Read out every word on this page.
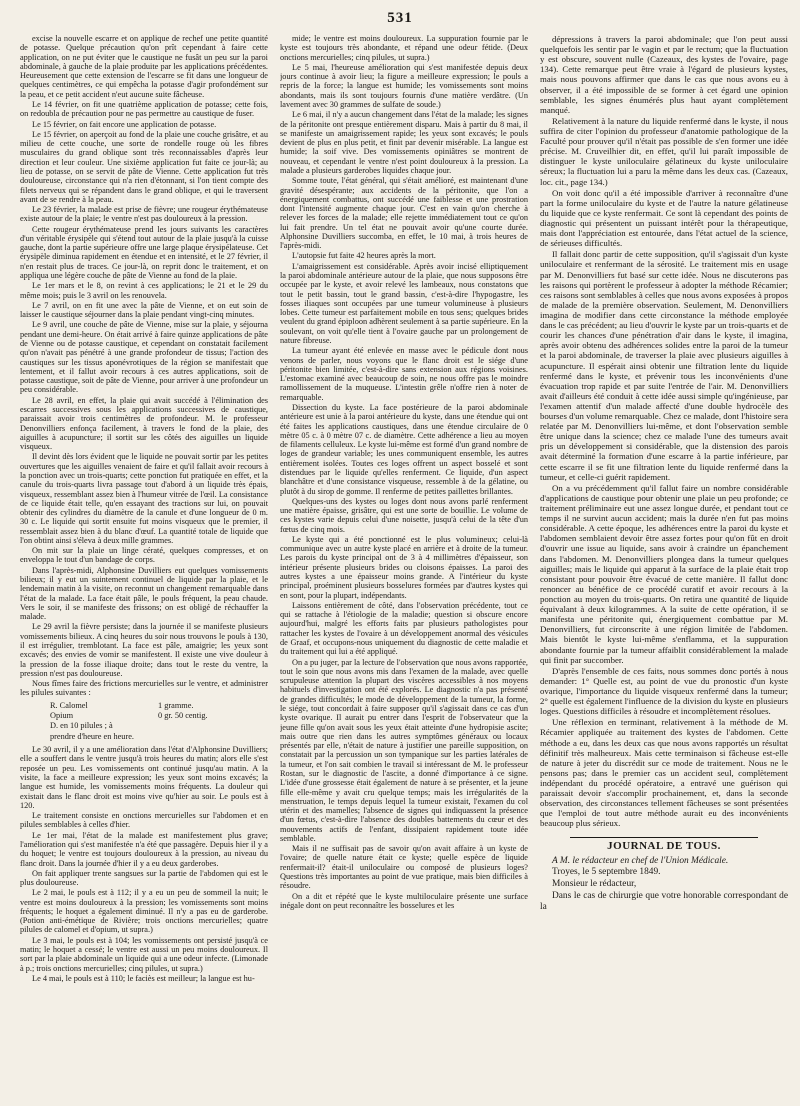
531

excise la nouvelle escarre et on applique de rechef une petite quantité de potasse. Quelque précaution qu'on prît cependant à faire cette application, on ne put éviter que le caustique ne fusât un peu sur la paroi abdominale, à gauche de la plaie produite par les applications précédentes. Heureusement que cette extension de l'escarre se fit dans une longueur de quelques centimètres, ce qui empêcha la potasse d'agir profondément sur la peau, et ce petit accident n'eut aucune suite fâcheuse.

Le 14 février, on fit une quatrième application de potasse; cette fois, on redoubla de précaution pour ne pas permettre au caustique de fuser.

Le 15 février, on fait encore une application de potasse.

Le 15 février, on aperçoit au fond de la plaie une couche grisâtre, et au milieu de cette couche, une sorte de rondelle rouge où les fibres musculaires du grand oblique sont très reconnaissables d'après leur direction et leur couleur. Une sixième application fut faite ce jour-là; au lieu de potasse, on se servit de pâte de Vienne. Cette application fut très douloureuse, circonstance qui n'a rien d'étonnant, si l'on tient compte des filets nerveux qui se répandent dans le grand oblique, et qui le traversent avant de se rendre à la peau.

Le 23 février, la malade est prise de fièvre; une rougeur érythémateuse existe autour de la plaie; le ventre n'est pas douloureux à la pression.

Cette rougeur érythémateuse prend les jours suivants les caractères d'un véritable érysipèle qui s'étend tout autour de la plaie jusqu'à la cuisse gauche, dont la partie supérieure offre une large plaque érysipélateuse. Cet érysipèle diminua rapidement en étendue et en intensité, et le 27 février, il n'en restait plus de traces. Ce jour-là, on reprit donc le traitement, et on appliqua une légère couche de pâte de Vienne au fond de la plaie.

Le 1er mars et le 8, on revint à ces applications; le 21 et le 29 du même mois; puis le 3 avril on les renouvela.

Le 7 avril, on en fit une avec la pâte de Vienne, et on eut soin de laisser le caustique séjourner dans la plaie pendant vingt-cinq minutes.

Le 9 avril, une couche de pâte de Vienne, mise sur la plaie, y séjourna pendant une demi-heure. On était arrivé à faire quinze applications de pâte de Vienne ou de potasse caustique, et cependant on constatait facilement qu'on n'avait pas pénétré à une grande profondeur de tissus; l'action des caustiques sur les tissus aponévrotiques de la région se manifestait que lentement, et il fallut avoir recours à ces autres applications, soit de potasse caustique, soit de pâte de Vienne, pour arriver à une profondeur un peu considérable.

Le 28 avril, en effet, la plaie qui avait succédé à l'élimination des escarres successives sous les applications successives de caustique, paraissait avoir trois centimètres de profondeur. M. le professeur Denonvilliers enfonça facilement, à travers le fond de la plaie, des aiguilles à acupuncture; il sortit sur les côtés des aiguilles un liquide visqueux.

Il devint dès lors évident que le liquide ne pouvait sortir par les petites ouvertures que les aiguilles venaient de faire et qu'il fallait avoir recours à la ponction avec un trois-quarts; cette ponction fut pratiquée en effet, et la canule du trois-quarts livra passage tout d'abord à un liquide très épais, visqueux, ressemblant assez bien à l'humeur vitrée de l'œil. La consistance de ce liquide était telle, qu'en essayant des tractions sur lui, on pouvait obtenir des cylindres du diamètre de la canule et d'une longueur de 0 m. 30 c. Le liquide qui sortit ensuite fut moins visqueux que le premier, il ressemblait assez bien à du blanc d'œuf. La quantité totale de liquide que l'on obtint ainsi s'éleva à deux mille grammes.

On mit sur la plaie un linge cératé, quelques compresses, et on enveloppa le tout d'un bandage de corps.

Dans l'après-midi, Alphonsine Duvilliers eut quelques vomissements bilieux; il y eut un suintement continuel de liquide par la plaie, et le lendemain matin à la visite, on reconnut un changement remarquable dans l'état de la malade. La face était pâle, le pouls fréquent, la peau chaude. Vers le soir, il se manifeste des frissons; on est obligé de réchauffer la malade.

Le 29 avril la fièvre persiste; dans la journée il se manifeste plusieurs vomissements bilieux. A cinq heures du soir nous trouvons le pouls à 130, il est irrégulier, tremblotant. La face est pâle, amaigrie; les yeux sont excavés; des envies de vomir se manifestent. Il existe une vive douleur à la pression de la fosse iliaque droite; dans tout le reste du ventre, la pression n'est pas douloureuse.

Nous fîmes faire des frictions mercurielles sur le ventre, et administrer les pilules suivantes :

R. Calomel	1 gramme.
Opium	0 gr. 50 centig.
D. en 10 pilules ; à prendre d'heure en heure.

Le 30 avril, il y a une amélioration dans l'état d'Alphonsine Duvilliers; elle a souffert dans le ventre jusqu'à trois heures du matin; alors elle s'est reposée un peu. Les vomissements ont continué jusqu'au matin. A la visite, la face a meilleure expression; les yeux sont moins excavés; la langue est humide, les vomissements moins fréquents. La douleur qui existait dans le flanc droit est moins vive qu'hier au soir. Le pouls est à 120.

Le traitement consiste en onctions mercurielles sur l'abdomen et en pilules semblables à celles d'hier.

Le 1er mai, l'état de la malade est manifestement plus grave; l'amélioration qui s'est manifestée n'a été que passagère. Depuis hier il y a du hoquet; le ventre est toujours douloureux à la pression, au niveau du flanc droit. Dans la journée d'hier il y a eu deux garderobes.

On fait appliquer trente sangsues sur la partie de l'abdomen qui est le plus douloureuse.

Le 2 mai, le pouls est à 112; il y a eu un peu de sommeil la nuit; le ventre est moins douloureux à la pression; les vomissements sont moins fréquents; le hoquet a également diminué. Il n'y a pas eu de garderobe. (Potion anti-émétique de Rivière; trois onctions mercurielles; quatre pilules de calomel et d'opium, ut supra.)

Le 3 mai, le pouls est à 104; les vomissements ont persisté jusqu'à ce matin; le hoquet a cessé; le ventre est aussi un peu moins douloureux. Il sort par la plaie abdominale un liquide qui a une odeur infecte. (Limonade à p.; trois onctions mercurielles; cinq pilules, ut supra.)

Le 4 mai, le pouls est à 110; le faciès est meilleur; la langue est hu-

mide; le ventre est moins douloureux. La suppuration fournie par le kyste est toujours très abondante, et répand une odeur fétide. (Deux onctions mercurielles; cinq pilules, ut supra.)

Le 5 mai, l'heureuse amélioration qui s'est manifestée depuis deux jours continue à avoir lieu; la figure a meilleure expression; le pouls a repris de la force; la langue est humide; les vomissements sont moins abondants, mais ils sont toujours fournis d'une matière verdâtre. (Un lavement avec 30 grammes de sulfate de soude.)

Le 6 mai, il n'y a aucun changement dans l'état de la malade; les signes de la péritonite ont presque entièrement disparu. Mais à partir du 8 mai, il se manifeste un amaigrissement rapide; les yeux sont excavés; le pouls devient de plus en plus petit, et finit par devenir misérable. La langue est humide; la soif vive. Des vomissements opiniâtres se montrent de nouveau, et cependant le ventre n'est point douloureux à la pression. La malade a plusieurs garderobes liquides chaque jour.

Somme toute, l'état général, qui s'était amélioré, est maintenant d'une gravité désespérante; aux accidents de la péritonite, que l'on a énergiquement combattus, ont succédé une faiblesse et une prostration dont l'intensité augmente chaque jour. C'est en vain qu'on cherche à relever les forces de la malade; elle rejette immédiatement tout ce qu'on lui fait prendre. Un tel état ne pouvait avoir qu'une courte durée. Alphonsine Duvilliers succomba, en effet, le 10 mai, à trois heures de l'après-midi.

L'autopsie fut faite 42 heures après la mort.

L'amaigrissement est considérable. Après avoir incisé elliptiquement la paroi abdominale antérieure autour de la plaie, que nous supposons être occupée par le kyste, et avoir relevé les lambeaux, nous constatons que tout le petit bassin, tout le grand bassin, c'est-à-dire l'hypogastre, les fosses iliaques sont occupées par une tumeur volumineuse à plusieurs lobes. Cette tumeur est parfaitement mobile en tous sens; quelques brides veulent du grand épiploon adhèrent seulement à sa partie supérieure. En la soulevant, on voit qu'elle tient à l'ovaire gauche par un prolongement de nature fibreuse.

La tumeur ayant été enlevée en masse avec le pédicule dont nous venons de parler, nous voyons que le flanc droit est le siége d'une péritonite bien limitée, c'est-à-dire sans extension aux régions voisines. L'estomac examiné avec beaucoup de soin, ne nous offre pas le moindre ramollissement de la muqueuse. L'intestin grêle n'offre rien à noter de remarquable.

Dissection du kyste. La face postérieure de la paroi abdominale antérieure est unie à la paroi antérieure du kyste, dans une étendue qui ont été faites les applications caustiques, dans une étendue circulaire de 0 mètre 05 c. à 0 mètre 07 c. de diamètre. Cette adhérence a lieu au moyen de filaments celluleux. Le kyste lui-même est formé d'un grand nombre de loges de grandeur variable; les unes communiquent ensemble, les autres entièrement isolées. Toutes ces loges offrent un aspect bosselé et sont distendues par le liquide qu'elles renferment. Ce liquide, d'un aspect blanchâtre et d'une consistance visqueuse, ressemble à de la gélatine, ou plutôt à du sirop de gomme. Il renferme de petites paillettes brillantes.

Quelques-uns des kystes ou loges dont nous avons parlé renferment une matière épaisse, grisâtre, qui est une sorte de bouillie. Le volume de ces kystes varie depuis celui d'une noisette, jusqu'à celui de la tête d'un fœtus de cinq mois.

Le kyste qui a été ponctionné est le plus volumineux; celui-là communique avec un autre kyste placé en arrière et à droite de la tumeur. Les parois du kyste principal ont de 3 à 4 millimètres d'épaisseur, son intérieur présente plusieurs brides ou cloisons épaisses. La paroi des autres kystes a une épaisseur moins grande. A l'intérieur du kyste principal, proéminent plusieurs bosselures formées par d'autres kystes qui en sont, pour la plupart, indépendants.

Laissons entièrement de côté, dans l'observation précédente, tout ce qui se rattache à l'étiologie de la maladie; question si obscure encore aujourd'hui, malgré les efforts faits par plusieurs pathologistes pour rattacher les kystes de l'ovaire à un développement anormal des vésicules de Graaf, et occupons-nous uniquement du diagnostic de cette maladie et du traitement qui lui a été appliqué.

On a pu juger, par la lecture de l'observation que nous avons rapportée, tout le soin que nous avons mis dans l'examen de la malade, avec quelle scrupuleuse attention la plupart des viscères accessibles à nos moyens habituels d'investigation ont été explorés. Le diagnostic n'a pas présenté de grandes difficultés; le mode de développement de la tumeur, la forme, le siége, tout concordait à faire supposer qu'il s'agissait dans ce cas d'un kyste ovarique. Il aurait pu entrer dans l'esprit de l'observateur que la jeune fille qu'on avait sous les yeux était atteinte d'une hydropisie ascite; mais outre que rien dans les autres symptômes généraux ou locaux présentés par elle, n'était de nature à justifier une pareille supposition, on constatait par la percussion un son tympanique sur les parties latérales de la tumeur, et l'on sait combien le travail si intéressant de M. le professeur Rostan, sur le diagnostic de l'ascite, a donné d'importance à ce signe. L'idée d'une grossesse était également de nature à se présenter, et la jeune fille elle-même y avait cru quelque temps; mais les irrégularités de la menstruation, le temps depuis lequel la tumeur existait, l'examen du col utérin et des mamelles; l'absence de signes qui indiquassent la présence d'un fœtus, c'est-à-dire l'absence des doubles battements du cœur et des mouvements actifs de l'enfant, dissipaient rapidement toute idée semblable.

Mais il ne suffisait pas de savoir qu'on avait affaire à un kyste de l'ovaire; de quelle nature était ce kyste; quelle espèce de liquide renfermait-il? était-il uniloculaire ou composé de plusieurs loges? Questions très importantes au point de vue pratique, mais bien difficiles à résoudre.

On a dit et répété que le kyste multiloculaire présente une surface inégale dont on peut reconnaître les bosselures et les

dépressions à travers la paroi abdominale; que l'on peut aussi quelquefois les sentir par le vagin et par le rectum; que la fluctuation y est obscure, souvent nulle (Cazeaux, des kystes de l'ovaire, page 134). Cette remarque peut être vraie à l'égard de plusieurs kystes, mais nous pouvons affirmer que dans le cas que nous avons eu à observer, il a été impossible de se former à cet égard une opinion semblable, les signes énumérés plus haut ayant complètement manqué.

Relativement à la nature du liquide renfermé dans le kyste, il nous suffira de citer l'opinion du professeur d'anatomie pathologique de la Faculté pour prouver qu'il n'était pas possible de s'en former une idée précise. M. Cruveilhier dit, en effet, qu'il lui paraît impossible de distinguer le kyste uniloculaire gélatineux du kyste uniloculaire séreux; la fluctuation lui a paru la même dans les deux cas. (Cazeaux, loc. cit., page 134.)

On voit donc qu'il a été impossible d'arriver à reconnaître d'une part la forme uniloculaire du kyste et de l'autre la nature gélatineuse du liquide que ce kyste renfermait. Ce sont là cependant des points de diagnostic qui présentent un puissant intérêt pour la thérapeutique, mais dont l'appréciation est entourée, dans l'état actuel de la science, de sérieuses difficultés.

Il fallait donc partir de cette supposition, qu'il s'agissait d'un kyste uniloculaire et renfermant de la sérosité. Le traitement mis en usage par M. Denonvilliers fut basé sur cette idée. Nous ne discuterons pas les raisons qui portèrent le professeur à adopter la méthode Récamier; ces raisons sont semblables à celles que nous avons exposées à propos de malade de la première observation. Seulement, M. Denonvilliers imagina de modifier dans cette circonstance la méthode employée dans le cas précédent; au lieu d'ouvrir le kyste par un trois-quarts et de courir les chances d'une pénétration d'air dans le kyste, il imagina, après avoir obtenu des adhérences solides entre la paroi de la tumeur et la paroi abdominale, de traverser la plaie avec plusieurs aiguilles à acupuncture. Il espérait ainsi obtenir une filtration lente du liquide renfermé dans le kyste, et prévenir tous les inconvénients d'une évacuation trop rapide et par suite l'entrée de l'air. M. Denonvilliers avait d'ailleurs été conduit à cette idée aussi simple qu'ingénieuse, par l'examen attentif d'un malade affecté d'une double hydrocèle des bourses d'un volume remarquable. Chez ce malade, dont l'histoire sera relatée par M. Denonvilliers lui-même, et dont l'observation semble être unique dans la science; chez ce malade l'une des tumeurs avait pris un développement si considérable, que la distension des parois avait déterminé la formation d'une escarre à la partie inférieure, par cette escarre il se fit une filtration lente du liquide renfermé dans la tumeur, et celle-ci guérit rapidement.

On a vu précédemment qu'il fallut faire un nombre considérable d'applications de caustique pour obtenir une plaie un peu profonde; ce traitement préliminaire eut une assez longue durée, et pendant tout ce temps il ne survint aucun accident; mais la durée n'en fut pas moins considérable. A cette époque, les adhérences entre la paroi du kyste et l'abdomen semblaient devoir être assez fortes pour qu'on fût en droit d'ouvrir une issue au liquide, sans avoir à craindre un épanchement dans l'abdomen. M. Denonvilliers plongea dans la tumeur quelques aiguilles; mais le liquide qui apparut à la surface de la plaie était trop consistant pour pouvoir être évacué de cette manière. Il fallut donc renoncer au bénéfice de ce procédé curatif et avoir recours à la ponction au moyen du trois-quarts. On retira une quantité de liquide équivalant à deux kilogrammes. A la suite de cette opération, il se manifesta une péritonite qui, énergiquement combattue par M. Denonvilliers, fut circonscrite à une région limitée de l'abdomen. Mais bientôt le kyste lui-même s'enflamma, et la suppuration abondante fournie par la tumeur affaiblit considérablement la malade qui finit par succomber.

D'après l'ensemble de ces faits, nous sommes donc portés à nous demander: 1° Quelle est, au point de vue du pronostic d'un kyste ovarique, l'importance du liquide visqueux renfermé dans la tumeur; 2° quelle est également l'influence de la division du kyste en plusieurs loges. Questions difficiles à résoudre et incomplètement résolues.

Une réflexion en terminant, relativement à la méthode de M. Récamier appliquée au traitement des kystes de l'abdomen. Cette méthode a eu, dans les deux cas que nous avons rapportés un résultat définitif très malheureux. Mais cette terminaison si fâcheuse est-elle de nature à jeter du discrédit sur ce mode de traitement. Nous ne le pensons pas; dans le premier cas un accident seul, complètement indépendant du procédé opératoire, a entravé une guérison qui paraissait devoir s'accomplir prochainement, et, dans la seconde observation, des circonstances tellement fâcheuses se sont présentées que l'emploi de tout autre méthode aurait eu des inconvénients beaucoup plus sérieux.

JOURNAL DE TOUS.

A M. le rédacteur en chef de l'Union Médicale.

Troyes, le 5 septembre 1849.

Monsieur le rédacteur,

Dans le cas de chirurgie que votre honorable correspondant de la
